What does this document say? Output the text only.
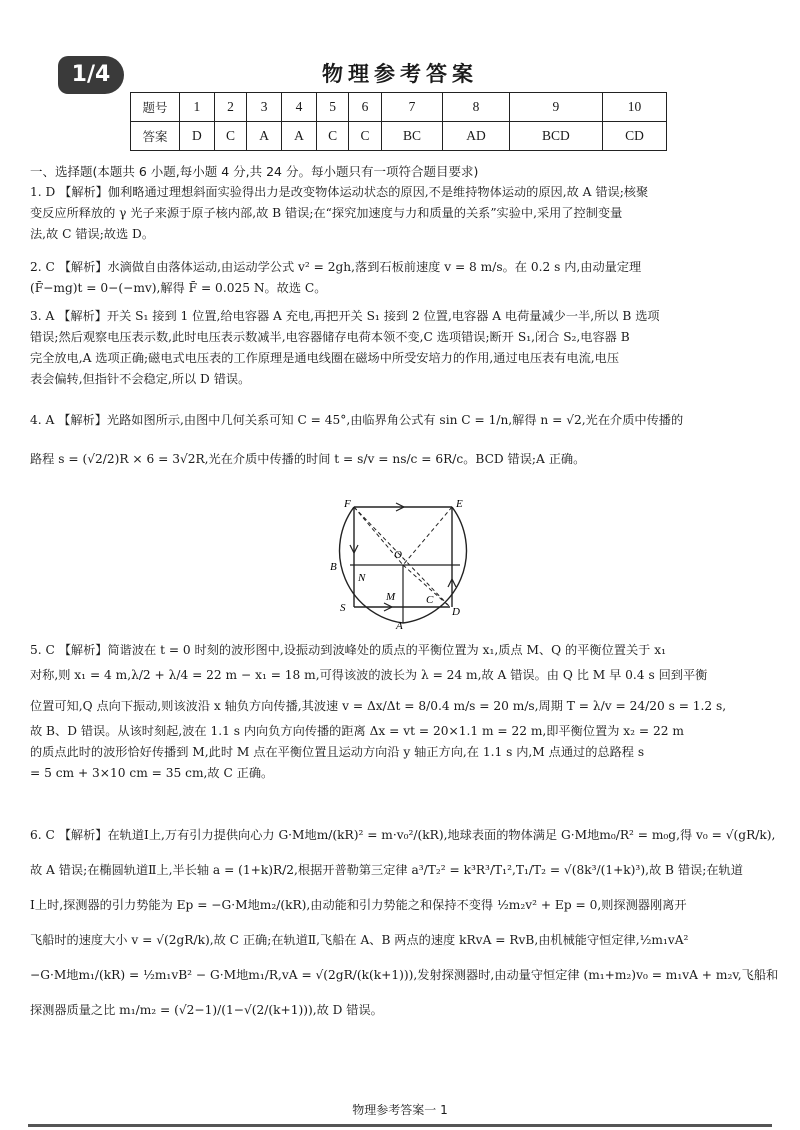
1/4	物理参考答案
题号	1	2	3	4	5	6	7	8	9	10
答案	D	C	A	A	C	C	BC	AD	BCD	CD
一、选择题(本题共 6 小题,每小题 4 分,共 24 分。每小题只有一项符合题目要求)
1. D 【解析】伽利略通过理想斜面实验得出力是改变物体运动状态的原因,不是维持物体运动的原因,故 A 错误;核聚
变反应所释放的 γ 光子来源于原子核内部,故 B 错误;在“探究加速度与力和质量的关系”实验中,采用了控制变量
法,故 C 错误;故选 D。
2. C 【解析】水滴做自由落体运动,由运动学公式 v² = 2gh,落到石板前速度 v = 8 m/s。在 0.2 s 内,由动量定理
(F̄−mg)t = 0−(−mv),解得 F̄ = 0.025 N。故选 C。
3. A 【解析】开关 S₁ 接到 1 位置,给电容器 A 充电,再把开关 S₁ 接到 2 位置,电容器 A 电荷量减少一半,所以 B 选项
错误;然后观察电压表示数,此时电压表示数减半,电容器储存电荷本领不变,C 选项错误;断开 S₁,闭合 S₂,电容器 B
完全放电,A 选项正确;磁电式电压表的工作原理是通电线圈在磁场中所受安培力的作用,通过电压表有电流,电压
表会偏转,但指针不会稳定,所以 D 错误。
4. A 【解析】光路如图所示,由图中几何关系可知 C = 45°,由临界角公式有 sin C = 1/n,解得 n = √2,光在介质中传播的
路程 s = (√2/2)R × 6 = 3√2R,光在介质中传播的时间 t = s/v = ns/c = 6R/c。BCD 错误;A 正确。
F	E
O
B
N
S
M	C
D
A
5. C 【解析】简谐波在 t = 0 时刻的波形图中,设振动到波峰处的质点的平衡位置为 x₁,质点 M、Q 的平衡位置关于 x₁
对称,则 x₁ = 4 m,λ/2 + λ/4 = 22 m − x₁ = 18 m,可得该波的波长为 λ = 24 m,故 A 错误。由 Q 比 M 早 0.4 s 回到平衡
位置可知,Q 点向下振动,则该波沿 x 轴负方向传播,其波速 v = Δx/Δt = 8/0.4 m/s = 20 m/s,周期 T = λ/v = 24/20 s = 1.2 s,
故 B、D 错误。从该时刻起,波在 1.1 s 内向负方向传播的距离 Δx = vt = 20×1.1 m = 22 m,即平衡位置为 x₂ = 22 m
的质点此时的波形恰好传播到 M,此时 M 点在平衡位置且运动方向沿 y 轴正方向,在 1.1 s 内,M 点通过的总路程 s
= 5 cm + 3×10 cm = 35 cm,故 C 正确。
6. C 【解析】在轨道Ⅰ上,万有引力提供向心力 G·M地m/(kR)² = m·v₀²/(kR),地球表面的物体满足 G·M地m₀/R² = m₀g,得 v₀ = √(gR/k),
故 A 错误;在椭圆轨道Ⅱ上,半长轴 a = (1+k)R/2,根据开普勒第三定律 a³/T₂² = k³R³/T₁²,T₁/T₂ = √(8k³/(1+k)³),故 B 错误;在轨道
Ⅰ上时,探测器的引力势能为 Ep = −G·M地m₂/(kR),由动能和引力势能之和保持不变得 ½m₂v² + Ep = 0,则探测器刚离开
飞船时的速度大小 v = √(2gR/k),故 C 正确;在轨道Ⅱ,飞船在 A、B 两点的速度 kRvA = RvB,由机械能守恒定律,½m₁vA²
−G·M地m₁/(kR) = ½m₁vB² − G·M地m₁/R,vA = √(2gR/(k(k+1))),发射探测器时,由动量守恒定律 (m₁+m₂)v₀ = m₁vA + m₂v,飞船和
探测器质量之比 m₁/m₂ = (√2−1)/(1−√(2/(k+1))),故 D 错误。
物理参考答案一 1
